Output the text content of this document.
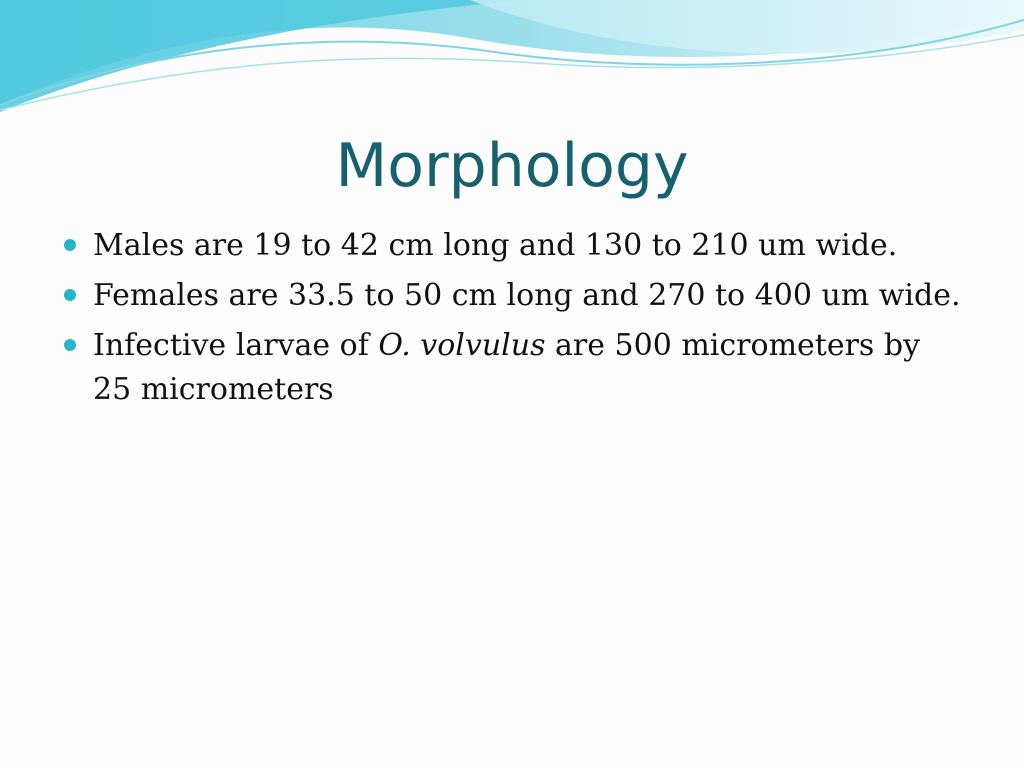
Morphology
Males are 19 to 42 cm long and 130 to 210 um wide.
Females are 33.5 to 50 cm long and 270 to 400 um wide.
Infective larvae of O. volvulus are 500 micrometers by 25 micrometers
